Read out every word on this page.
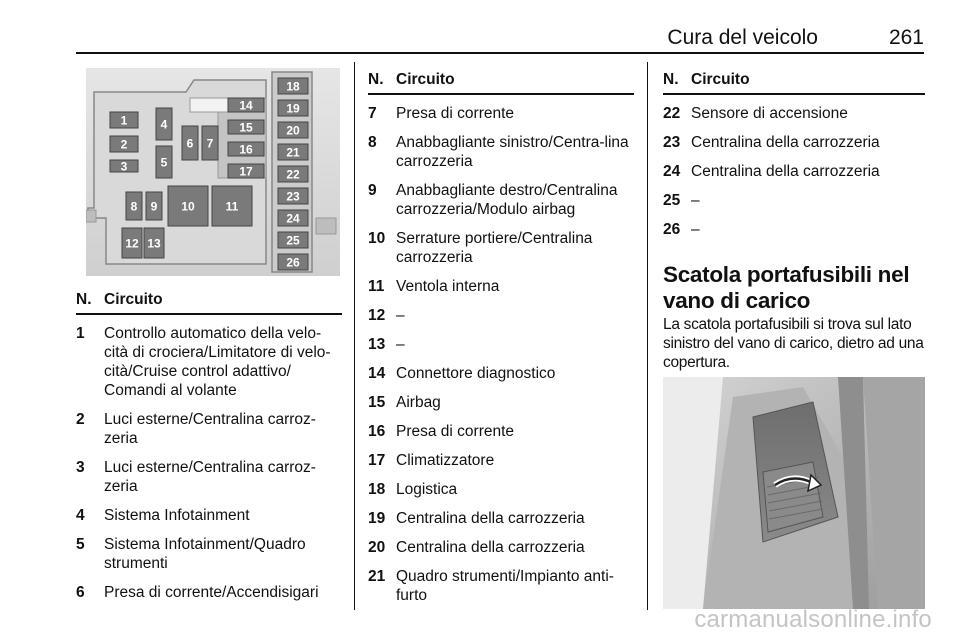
Cura del veicolo	261
1
2
3
4
5
6 7
8 9 10	11
12 13
14
15
16
17
18
19
20
21
22
23
24
25
26
N. Circuito
1	Controllo automatico della velo-cità di crociera/Limitatore di velo-cità/Cruise control adattivo/ Comandi al volante
2	Luci esterne/Centralina carroz-zeria
3	Luci esterne/Centralina carroz-zeria
4	Sistema Infotainment
5	Sistema Infotainment/Quadro strumenti
6	Presa di corrente/Accendisigari
N. Circuito
7	Presa di corrente
8	Anabbagliante sinistro/Centra-lina carrozzeria
9	Anabbagliante destro/Centralina carrozzeria/Modulo airbag
10 Serrature portiere/Centralina carrozzeria
11 Ventola interna
12 –
13 –
14 Connettore diagnostico
15 Airbag
16 Presa di corrente
17 Climatizzatore
18 Logistica
19 Centralina della carrozzeria
20 Centralina della carrozzeria
21 Quadro strumenti/Impianto anti-furto
N. Circuito
22 Sensore di accensione
23 Centralina della carrozzeria
24 Centralina della carrozzeria
25 –
26 –
Scatola portafusibili nel vano di carico
La scatola portafusibili si trova sul lato sinistro del vano di carico, dietro ad una copertura.
carmanualsonline.info
